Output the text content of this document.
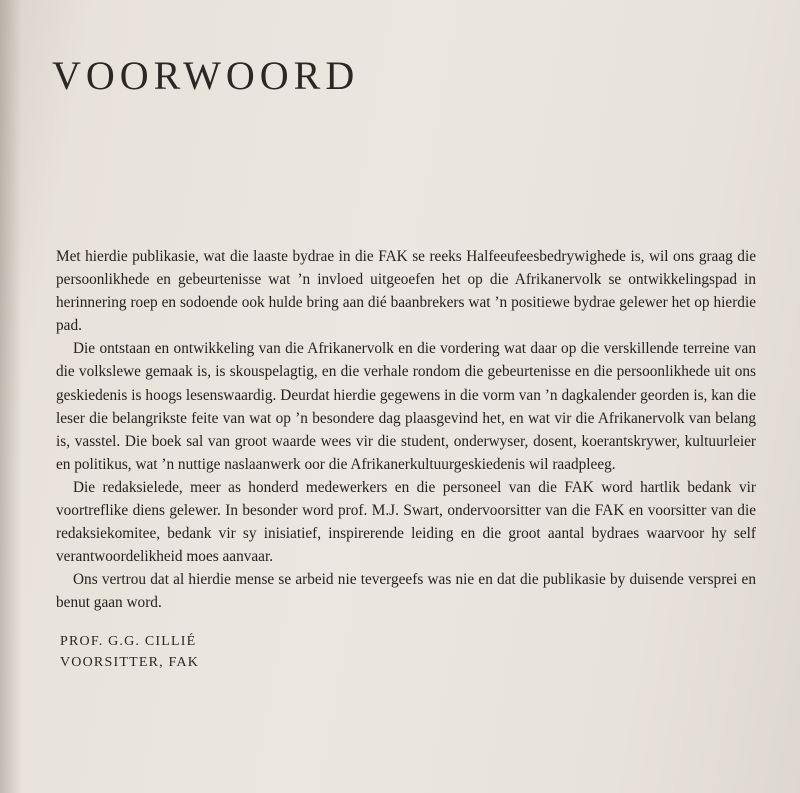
VOORWOORD

Met hierdie publikasie, wat die laaste bydrae in die FAK se reeks Halfeeufeesbedrywighede is, wil ons graag die persoonlikhede en gebeurtenisse wat ’n invloed uitgeoefen het op die Afrikanervolk se ontwikkelingspad in herinnering roep en sodoende ook hulde bring aan dié baanbrekers wat ’n positiewe bydrae gelewer het op hierdie pad.

Die ontstaan en ontwikkeling van die Afrikanervolk en die vordering wat daar op die verskillende terreine van die volkslewe gemaak is, is skouspelagtig, en die verhale rondom die gebeurtenisse en die persoonlikhede uit ons geskiedenis is hoogs lesenswaardig. Deurdat hierdie gegewens in die vorm van ’n dagkalender georden is, kan die leser die belangrikste feite van wat op ’n besondere dag plaasgevind het, en wat vir die Afrikanervolk van belang is, vasstel. Die boek sal van groot waarde wees vir die student, onderwyser, dosent, koerantskrywer, kultuurleier en politikus, wat ’n nuttige naslaanwerk oor die Afrikanerkultuurgeskiedenis wil raadpleeg.

Die redaksielede, meer as honderd medewerkers en die personeel van die FAK word hartlik bedank vir voortreflike diens gelewer. In besonder word prof. M.J. Swart, ondervoorsitter van die FAK en voorsitter van die redaksiekomitee, bedank vir sy inisiatief, inspirerende leiding en die groot aantal bydraes waarvoor hy self verantwoordelikheid moes aanvaar.

Ons vertrou dat al hierdie mense se arbeid nie tevergeefs was nie en dat die publikasie by duisende versprei en benut gaan word.

PROF. G.G. CILLIÉ
VOORSITTER, FAK
